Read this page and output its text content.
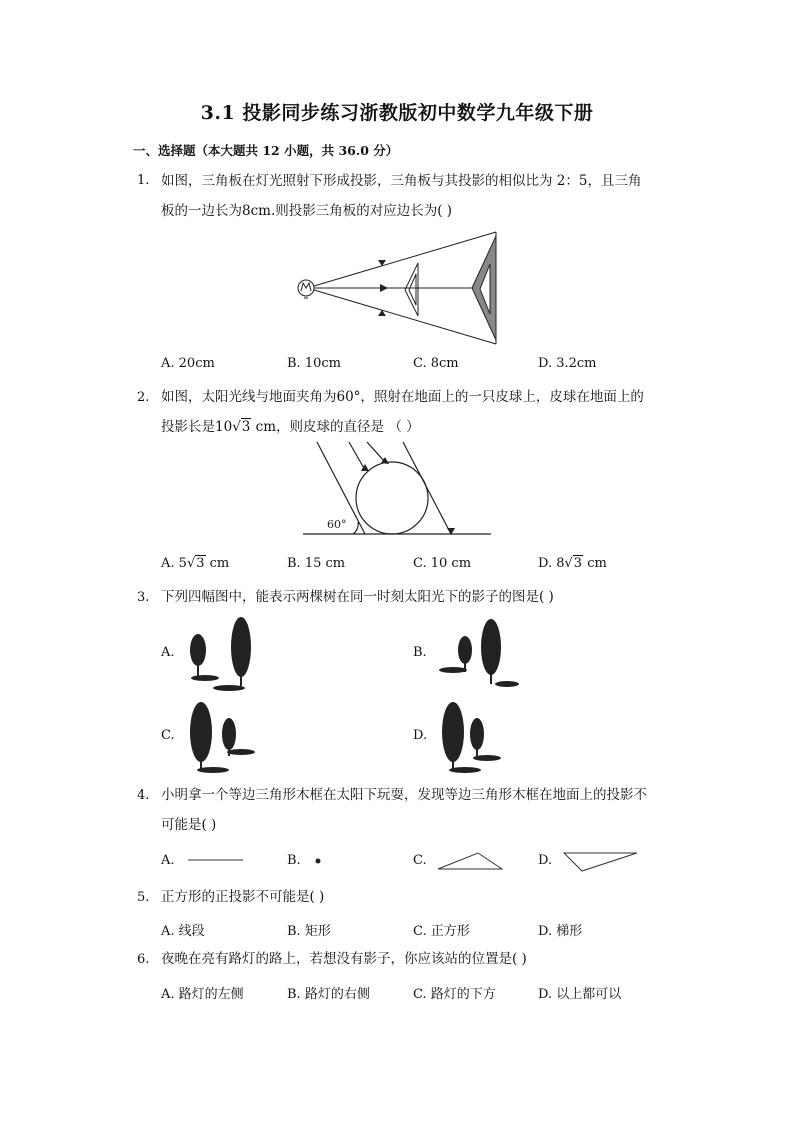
3.1 投影同步练习浙教版初中数学九年级下册
一、选择题（本大题共 12 小题，共 36.0 分）
1. 如图，三角板在灯光照射下形成投影，三角板与其投影的相似比为 2：5，且三角
板的一边长为8cm.则投影三角板的对应边长为( )
A. 20cm	B. 10cm	C. 8cm	D. 3.2cm
2. 如图，太阳光线与地面夹角为60°，照射在地面上的一只皮球上，皮球在地面上的
投影长是10√3 cm，则皮球的直径是 （ ）
60°
A. 5√3 cm	B. 15 cm	C. 10 cm	D. 8√3 cm
3. 下列四幅图中，能表示两棵树在同一时刻太阳光下的影子的图是( )
A.	B.
C.	D.
4. 小明拿一个等边三角形木框在太阳下玩耍，发现等边三角形木框在地面上的投影不
可能是( )
A.	B.	C.	D.
5. 正方形的正投影不可能是( )
A. 线段	B. 矩形	C. 正方形	D. 梯形
6. 夜晚在亮有路灯的路上，若想没有影子，你应该站的位置是( )
A. 路灯的左侧	B. 路灯的右侧	C. 路灯的下方	D. 以上都可以
